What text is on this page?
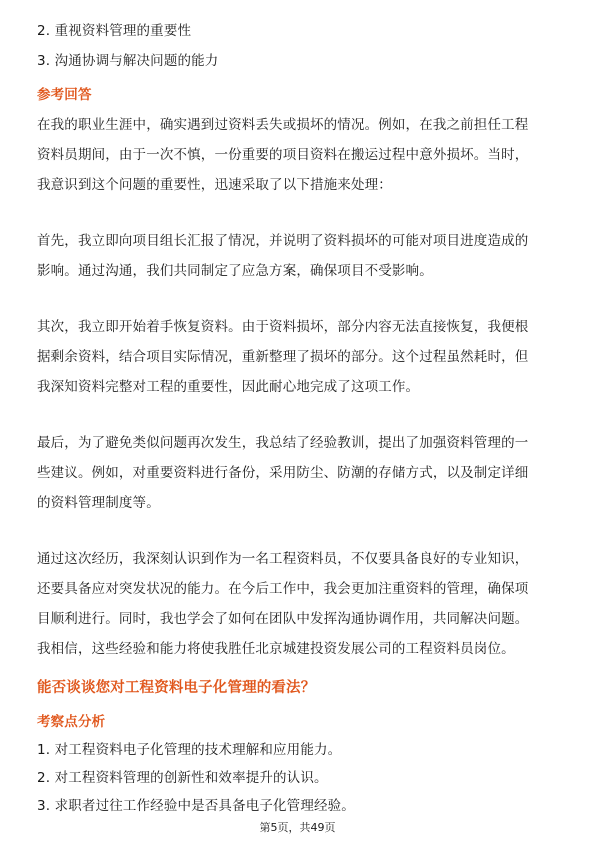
2. 重视资料管理的重要性
3. 沟通协调与解决问题的能力
参考回答
在我的职业生涯中，确实遇到过资料丢失或损坏的情况。例如，在我之前担任工程
资料员期间，由于一次不慎，一份重要的项目资料在搬运过程中意外损坏。当时，
我意识到这个问题的重要性，迅速采取了以下措施来处理：
首先，我立即向项目组长汇报了情况，并说明了资料损坏的可能对项目进度造成的
影响。通过沟通，我们共同制定了应急方案，确保项目不受影响。
其次，我立即开始着手恢复资料。由于资料损坏，部分内容无法直接恢复，我便根
据剩余资料，结合项目实际情况，重新整理了损坏的部分。这个过程虽然耗时，但
我深知资料完整对工程的重要性，因此耐心地完成了这项工作。
最后，为了避免类似问题再次发生，我总结了经验教训，提出了加强资料管理的一
些建议。例如，对重要资料进行备份，采用防尘、防潮的存储方式，以及制定详细
的资料管理制度等。
通过这次经历，我深刻认识到作为一名工程资料员，不仅要具备良好的专业知识，
还要具备应对突发状况的能力。在今后工作中，我会更加注重资料的管理，确保项
目顺利进行。同时，我也学会了如何在团队中发挥沟通协调作用，共同解决问题。
我相信，这些经验和能力将使我胜任北京城建投资发展公司的工程资料员岗位。
能否谈谈您对工程资料电子化管理的看法？
考察点分析
1. 对工程资料电子化管理的技术理解和应用能力。
2. 对工程资料管理的创新性和效率提升的认识。
3. 求职者过往工作经验中是否具备电子化管理经验。
第5页，共49页
